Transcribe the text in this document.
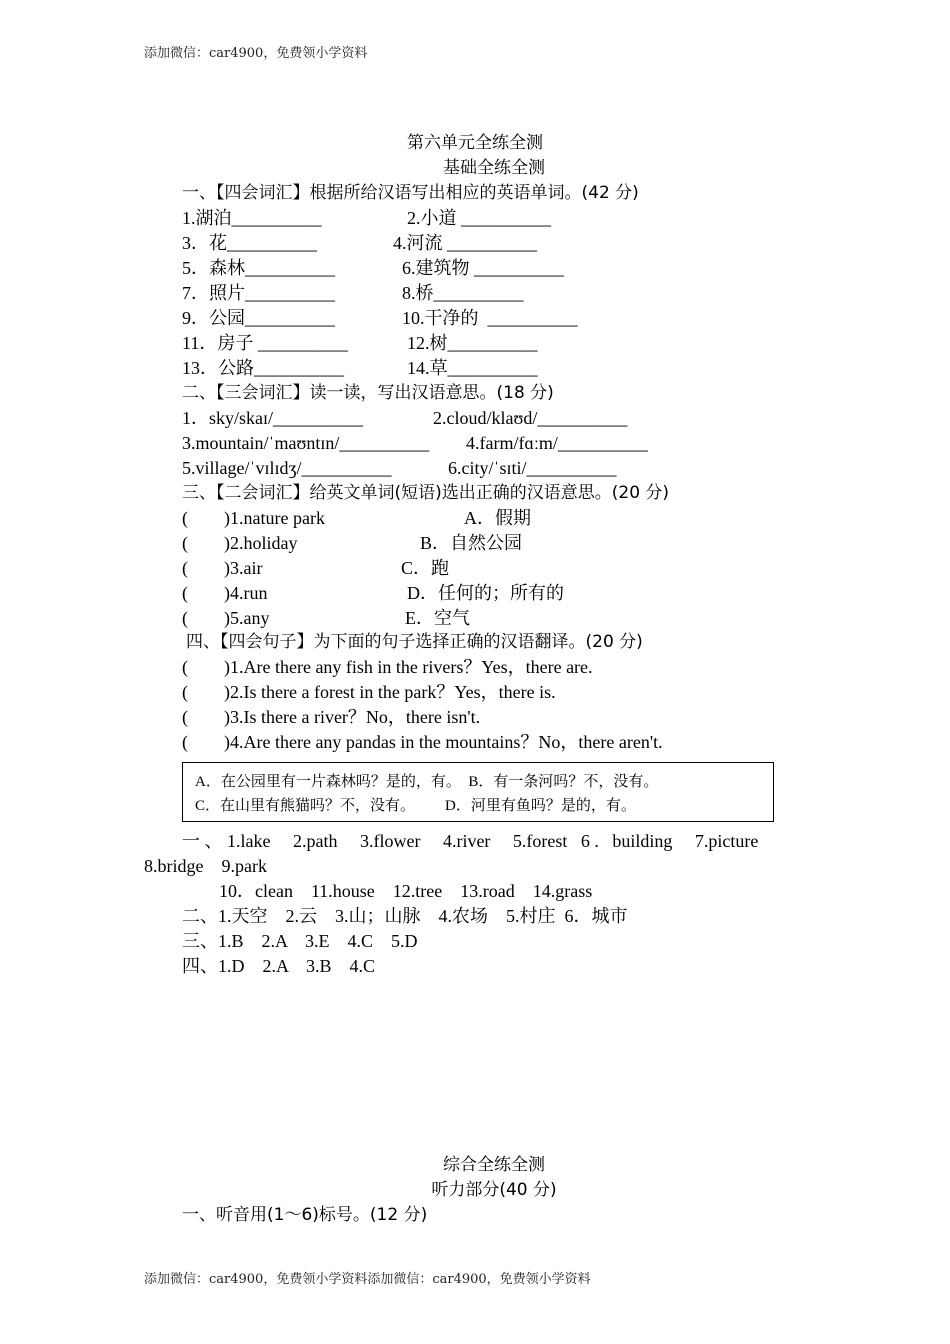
添加微信：car4900，免费领小学资料
第六单元全练全测
基础全练全测
一、【四会词汇】根据所给汉语写出相应的英语单词。(42 分)
1.湖泊__________	2.小道 __________
3．花__________	4.河流 __________
5．森林__________	6.建筑物 __________
7．照片__________	8.桥__________
9．公园__________	10.干净的  __________
11．房子 __________	12.树__________
13．公路__________	14.草__________
二、【三会词汇】读一读，写出汉语意思。(18 分)
1．sky/skaɪ/__________	2.cloud/klaʊd/__________
3.mountain/ˈmaʊntɪn/__________ 4.farm/fɑːm/__________
5.village/ˈvɪlɪdʒ/__________	6.city/ˈsɪti/__________
三、【二会词汇】给英文单词(短语)选出正确的汉语意思。(20 分)
(        )1.nature park	A．假期
(        )2.holiday	B．自然公园
(        )3.air	C．跑
(        )4.run	D．任何的；所有的
(        )5.any	E．空气
四、【四会句子】为下面的句子选择正确的汉语翻译。(20 分)
(        )1.Are there any fish in the rivers？Yes，there are.
(        )2.Is there a forest in the park？Yes，there is.
(        )3.Is there a river？No，there isn't.
(        )4.Are there any pandas in the mountains？No，there aren't.
A．在公园里有一片森林吗？是的，有。  B．有一条河吗？不，没有。
C．在山里有熊猫吗？不，没有。        D．河里有鱼吗？是的，有。
一 、 1.lake     2.path     3.flower     4.river     5.forest   6 .   building     7.picture
8.bridge    9.park
10．clean    11.house    12.tree    13.road    14.grass
二、1.天空    2.云    3.山；山脉    4.农场    5.村庄  6．城市
三、1.B    2.A    3.E    4.C    5.D
四、1.D    2.A    3.B    4.C
综合全练全测
听力部分(40 分)
一、听音用(1～6)标号。(12 分)
添加微信：car4900，免费领小学资料添加微信：car4900，免费领小学资料
